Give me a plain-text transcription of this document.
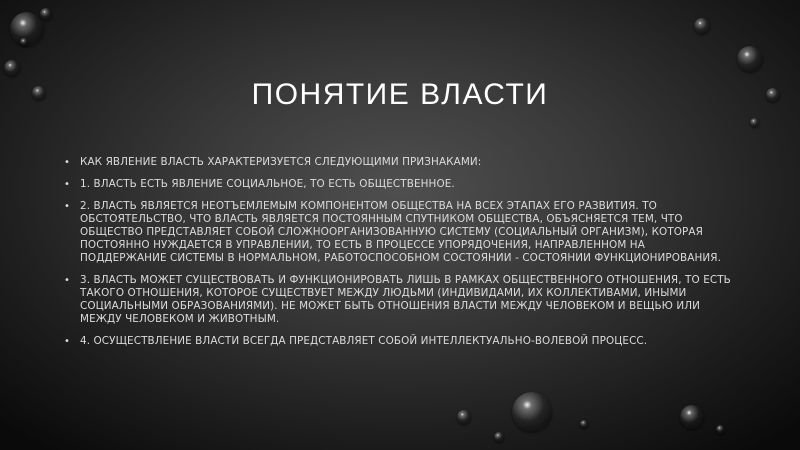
ПОНЯТИЕ ВЛАСТИ
• КАК ЯВЛЕНИЕ ВЛАСТЬ ХАРАКТЕРИЗУЕТСЯ СЛЕДУЮЩИМИ ПРИЗНАКАМИ:
• 1. ВЛАСТЬ ЕСТЬ ЯВЛЕНИЕ СОЦИАЛЬНОЕ, ТО ЕСТЬ ОБЩЕСТВЕННОЕ.
• 2. ВЛАСТЬ ЯВЛЯЕТСЯ НЕОТЪЕМЛЕМЫМ КОМПОНЕНТОМ ОБЩЕСТВА НА ВСЕХ ЭТАПАХ ЕГО РАЗВИТИЯ. ТО ОБСТОЯТЕЛЬСТВО, ЧТО ВЛАСТЬ ЯВЛЯЕТСЯ ПОСТОЯННЫМ СПУТНИКОМ ОБЩЕСТВА, ОБЪЯСНЯЕТСЯ ТЕМ, ЧТО ОБЩЕСТВО ПРЕДСТАВЛЯЕТ СОБОЙ СЛОЖНООРГАНИЗОВАННУЮ СИСТЕМУ (СОЦИАЛЬНЫЙ ОРГАНИЗМ), КОТОРАЯ ПОСТОЯННО НУЖДАЕТСЯ В УПРАВЛЕНИИ, ТО ЕСТЬ В ПРОЦЕССЕ УПОРЯДОЧЕНИЯ, НАПРАВЛЕННОМ НА ПОДДЕРЖАНИЕ СИСТЕМЫ В НОРМАЛЬНОМ, РАБОТОСПОСОБНОМ СОСТОЯНИИ - СОСТОЯНИИ ФУНКЦИОНИРОВАНИЯ.
• 3. ВЛАСТЬ МОЖЕТ СУЩЕСТВОВАТЬ И ФУНКЦИОНИРОВАТЬ ЛИШЬ В РАМКАХ ОБЩЕСТВЕННОГО ОТНОШЕНИЯ, ТО ЕСТЬ ТАКОГО ОТНОШЕНИЯ, КОТОРОЕ СУЩЕСТВУЕТ МЕЖДУ ЛЮДЬМИ (ИНДИВИДАМИ, ИХ КОЛЛЕКТИВАМИ, ИНЫМИ СОЦИАЛЬНЫМИ ОБРАЗОВАНИЯМИ). НЕ МОЖЕТ БЫТЬ ОТНОШЕНИЯ ВЛАСТИ МЕЖДУ ЧЕЛОВЕКОМ И ВЕЩЬЮ ИЛИ МЕЖДУ ЧЕЛОВЕКОМ И ЖИВОТНЫМ.
• 4. ОСУЩЕСТВЛЕНИЕ ВЛАСТИ ВСЕГДА ПРЕДСТАВЛЯЕТ СОБОЙ ИНТЕЛЛЕКТУАЛЬНО-ВОЛЕВОЙ ПРОЦЕСС.
